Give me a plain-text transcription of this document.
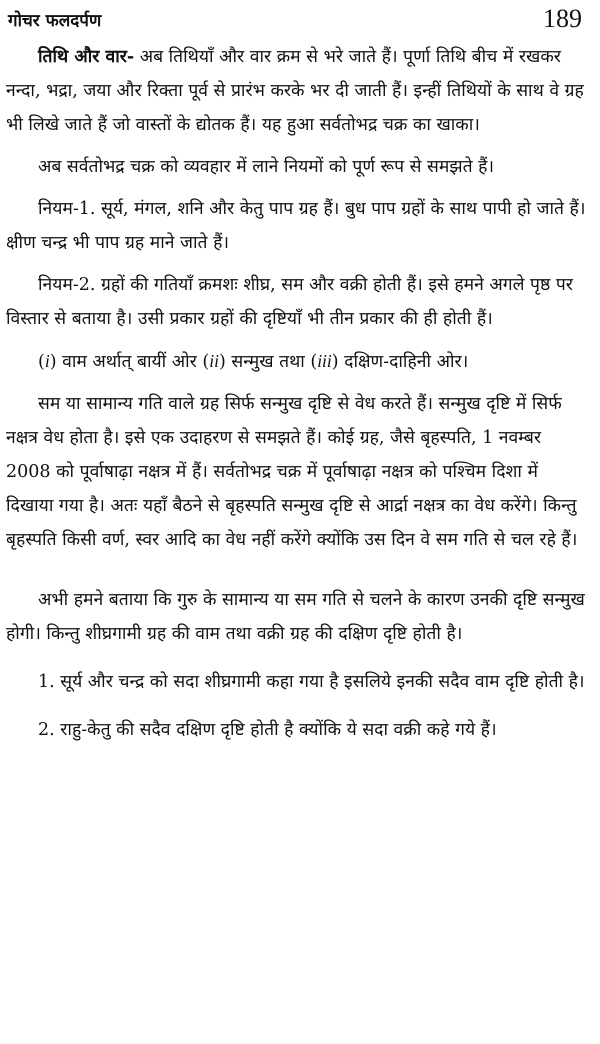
गोचर फलदर्पण	189

तिथि और वार- अब तिथियाँ और वार क्रम से भरे जाते हैं। पूर्णा तिथि बीच में रखकर नन्दा, भद्रा, जया और रिक्ता पूर्व से प्रारंभ करके भर दी जाती हैं। इन्हीं तिथियों के साथ वे ग्रह भी लिखे जाते हैं जो वास्तों के द्योतक हैं। यह हुआ सर्वतोभद्र चक्र का खाका।

अब सर्वतोभद्र चक्र को व्यवहार में लाने नियमों को पूर्ण रूप से समझते हैं।

नियम-1. सूर्य, मंगल, शनि और केतु पाप ग्रह हैं। बुध पाप ग्रहों के साथ पापी हो जाते हैं। क्षीण चन्द्र भी पाप ग्रह माने जाते हैं।

नियम-2. ग्रहों की गतियाँ क्रमशः शीघ्र, सम और वक्री होती हैं। इसे हमने अगले पृष्ठ पर विस्तार से बताया है। उसी प्रकार ग्रहों की दृष्टियाँ भी तीन प्रकार की ही होती हैं।

(i) वाम अर्थात् बायीं ओर (ii) सन्मुख तथा (iii) दक्षिण-दाहिनी ओर।

सम या सामान्य गति वाले ग्रह सिर्फ सन्मुख दृष्टि से वेध करते हैं। सन्मुख दृष्टि में सिर्फ नक्षत्र वेध होता है। इसे एक उदाहरण से समझते हैं। कोई ग्रह, जैसे बृहस्पति, 1 नवम्बर 2008 को पूर्वाषाढ़ा नक्षत्र में हैं। सर्वतोभद्र चक्र में पूर्वाषाढ़ा नक्षत्र को पश्चिम दिशा में दिखाया गया है। अतः यहाँ बैठने से बृहस्पति सन्मुख दृष्टि से आर्द्रा नक्षत्र का वेध करेंगे। किन्तु बृहस्पति किसी वर्ण, स्वर आदि का वेध नहीं करेंगे क्योंकि उस दिन वे सम गति से चल रहे हैं।

अभी हमने बताया कि गुरु के सामान्य या सम गति से चलने के कारण उनकी दृष्टि सन्मुख होगी। किन्तु शीघ्रगामी ग्रह की वाम तथा वक्री ग्रह की दक्षिण दृष्टि होती है।

1. सूर्य और चन्द्र को सदा शीघ्रगामी कहा गया है इसलिये इनकी सदैव वाम दृष्टि होती है।

2. राहु-केतु की सदैव दक्षिण दृष्टि होती है क्योंकि ये सदा वक्री कहे गये हैं।
